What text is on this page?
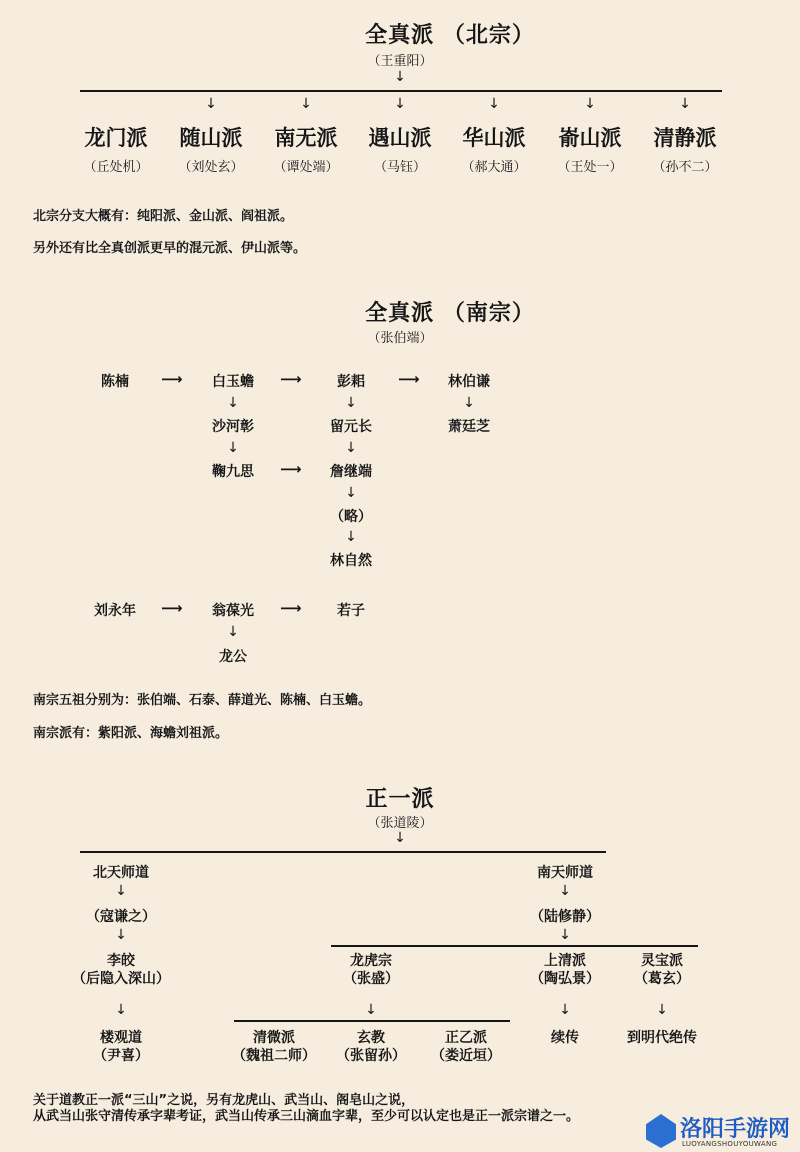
全真派 （北宗）
（王重阳）
↓
↓	↓	↓	↓	↓	↓
龙门派 随山派 南无派 遇山派 华山派 嵛山派 清静派
（丘处机） （刘处玄） （谭处端）	（马钰）	（郝大通） （王处一） （孙不二）
北宗分支大概有：纯阳派、金山派、阎祖派。
另外还有比全真创派更早的混元派、伊山派等。
全真派 （南宗）
（张伯端）
陈楠 ⟶ 白玉蟾 ⟶	彭耜 ⟶ 林伯谦
↓	↓	↓
沙河彰	留元长	萧廷芝
↓	↓
鞠九思 ⟶ 詹继端
↓
（略）
↓
林自然
刘永年 ⟶ 翁葆光 ⟶	若子
↓
龙公
南宗五祖分别为：张伯端、石泰、薛道光、陈楠、白玉蟾。
南宗派有：紫阳派、海蟾刘祖派。
正一派
（张道陵）
↓
北天师道
↓
（寇谦之）
↓
李皎
（后隐入深山）
↓
楼观道
（尹喜）
南天师道
↓
（陆修静）
↓
龙虎宗
（张盛）
上清派
（陶弘景）
灵宝派
（葛玄）
↓	↓	↓
清微派
（魏祖二师）
玄教
（张留孙）
正乙派
（娄近垣）
续传	到明代绝传
关于道教正一派“三山”之说，另有龙虎山、武当山、阁皂山之说，
从武当山张守清传承字辈考证，武当山传承三山滴血字辈，至少可以认定也是正一派宗谱之一。
洛阳手游网
LUOYANGSHOUYOUWANG
